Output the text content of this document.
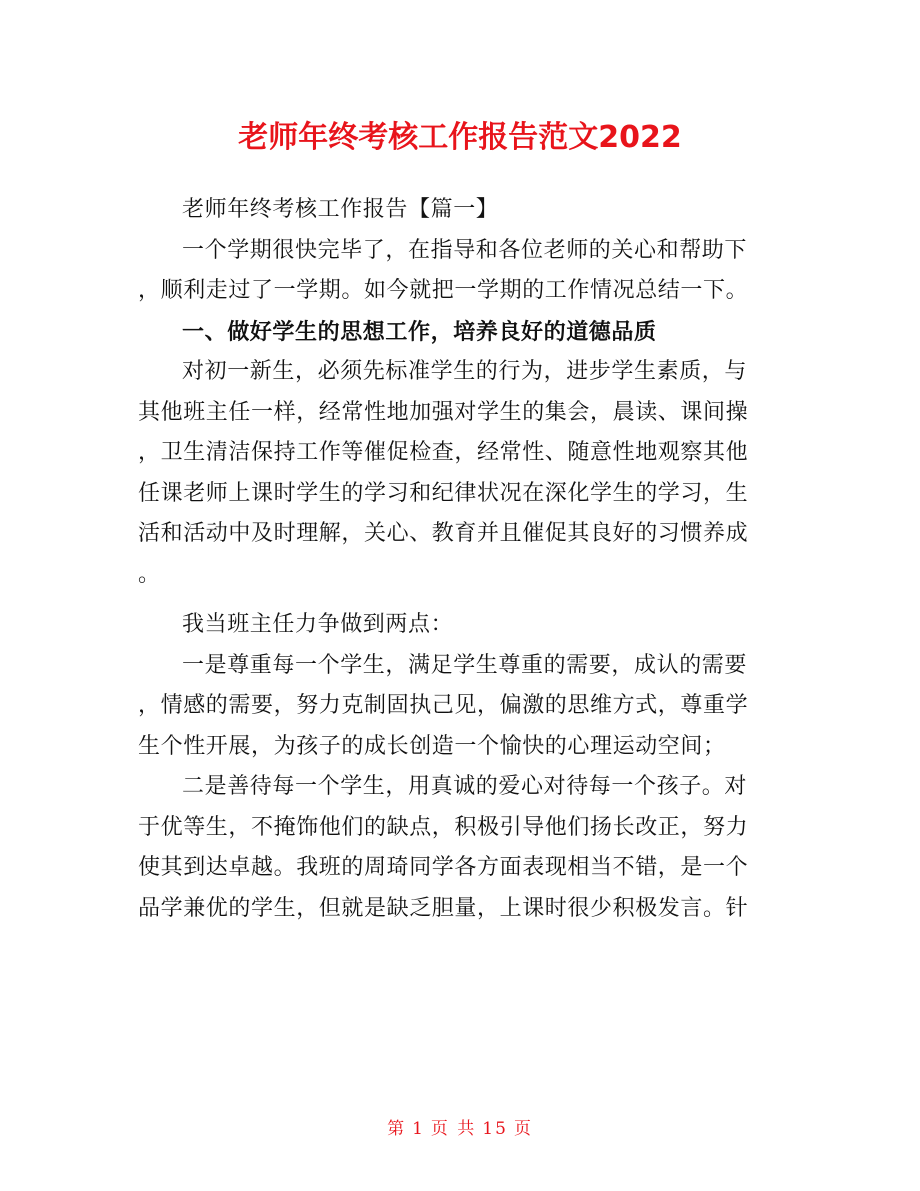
老师年终考核工作报告范文2022
老师年终考核工作报告【篇一】
一个学期很快完毕了，在指导和各位老师的关心和帮助下
，顺利走过了一学期。如今就把一学期的工作情况总结一下。
一、做好学生的思想工作，培养良好的道德品质
对初一新生，必须先标准学生的行为，进步学生素质，与
其他班主任一样，经常性地加强对学生的集会，晨读、课间操
，卫生清洁保持工作等催促检查，经常性、随意性地观察其他
任课老师上课时学生的学习和纪律状况在深化学生的学习，生
活和活动中及时理解，关心、教育并且催促其良好的习惯养成
。
我当班主任力争做到两点：
一是尊重每一个学生，满足学生尊重的需要，成认的需要
，情感的需要，努力克制固执己见，偏激的思维方式，尊重学
生个性开展，为孩子的成长创造一个愉快的心理运动空间；
二是善待每一个学生，用真诚的爱心对待每一个孩子。对
于优等生，不掩饰他们的缺点，积极引导他们扬长改正，努力
使其到达卓越。我班的周琦同学各方面表现相当不错，是一个
品学兼优的学生，但就是缺乏胆量，上课时很少积极发言。针
第 1 页 共 15 页
